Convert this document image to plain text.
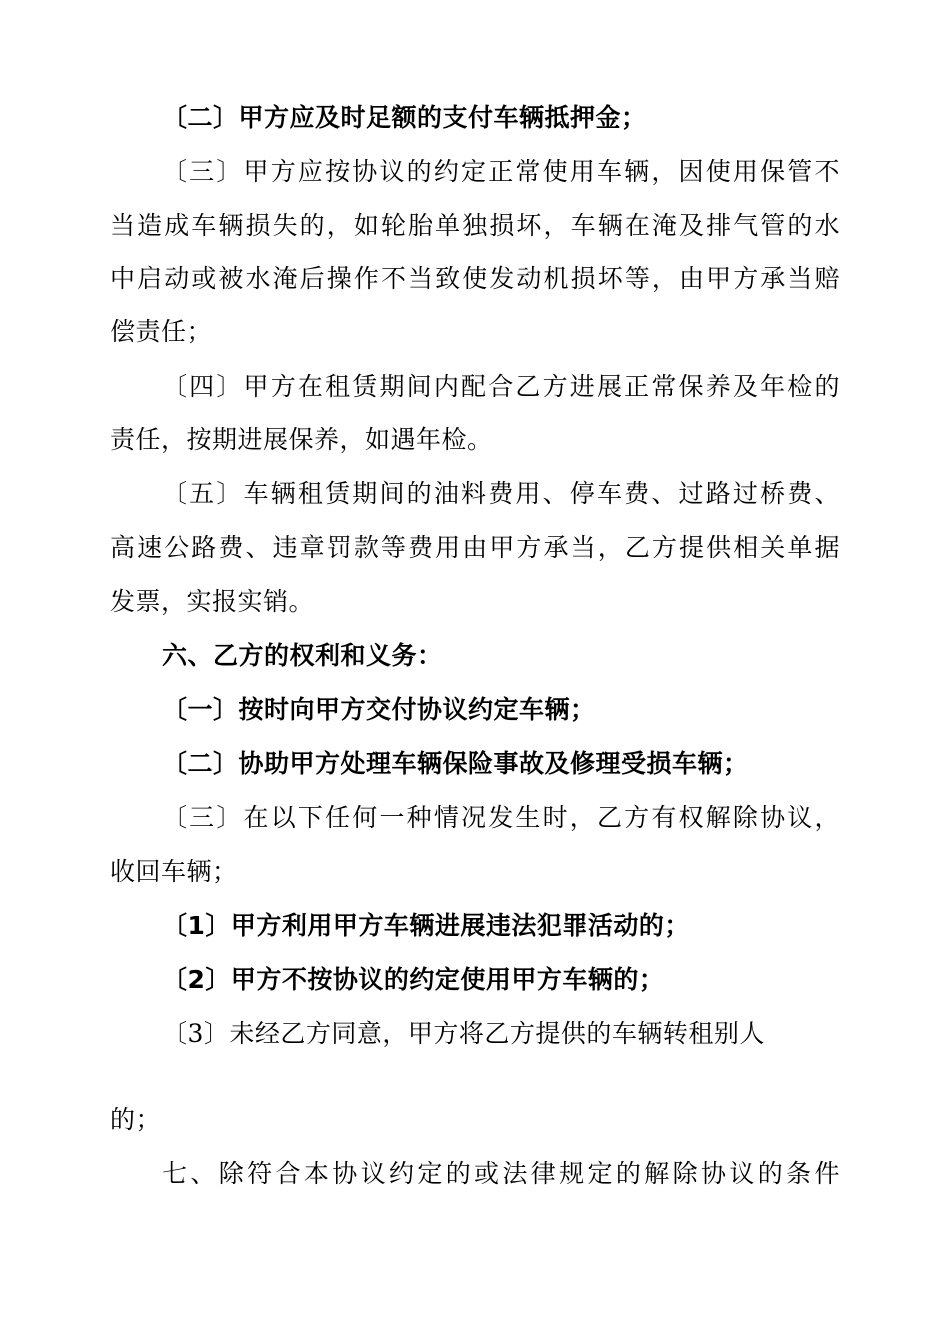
〔二〕甲方应及时足额的支付车辆抵押金；
〔三〕甲方应按协议的约定正常使用车辆，因使用保管不
当造成车辆损失的，如轮胎单独损坏，车辆在淹及排气管的水
中启动或被水淹后操作不当致使发动机损坏等，由甲方承当赔
偿责任；
〔四〕甲方在租赁期间内配合乙方进展正常保养及年检的
责任，按期进展保养，如遇年检。
〔五〕车辆租赁期间的油料费用、停车费、过路过桥费、
高速公路费、违章罚款等费用由甲方承当，乙方提供相关单据
发票，实报实销。
六、乙方的权利和义务：
〔一〕按时向甲方交付协议约定车辆；
〔二〕协助甲方处理车辆保险事故及修理受损车辆；
〔三〕在以下任何一种情况发生时，乙方有权解除协议，
收回车辆；
〔1〕甲方利用甲方车辆进展违法犯罪活动的；
〔2〕甲方不按协议的约定使用甲方车辆的；
〔3〕未经乙方同意，甲方将乙方提供的车辆转租别人
的；
七、除符合本协议约定的或法律规定的解除协议的条件
